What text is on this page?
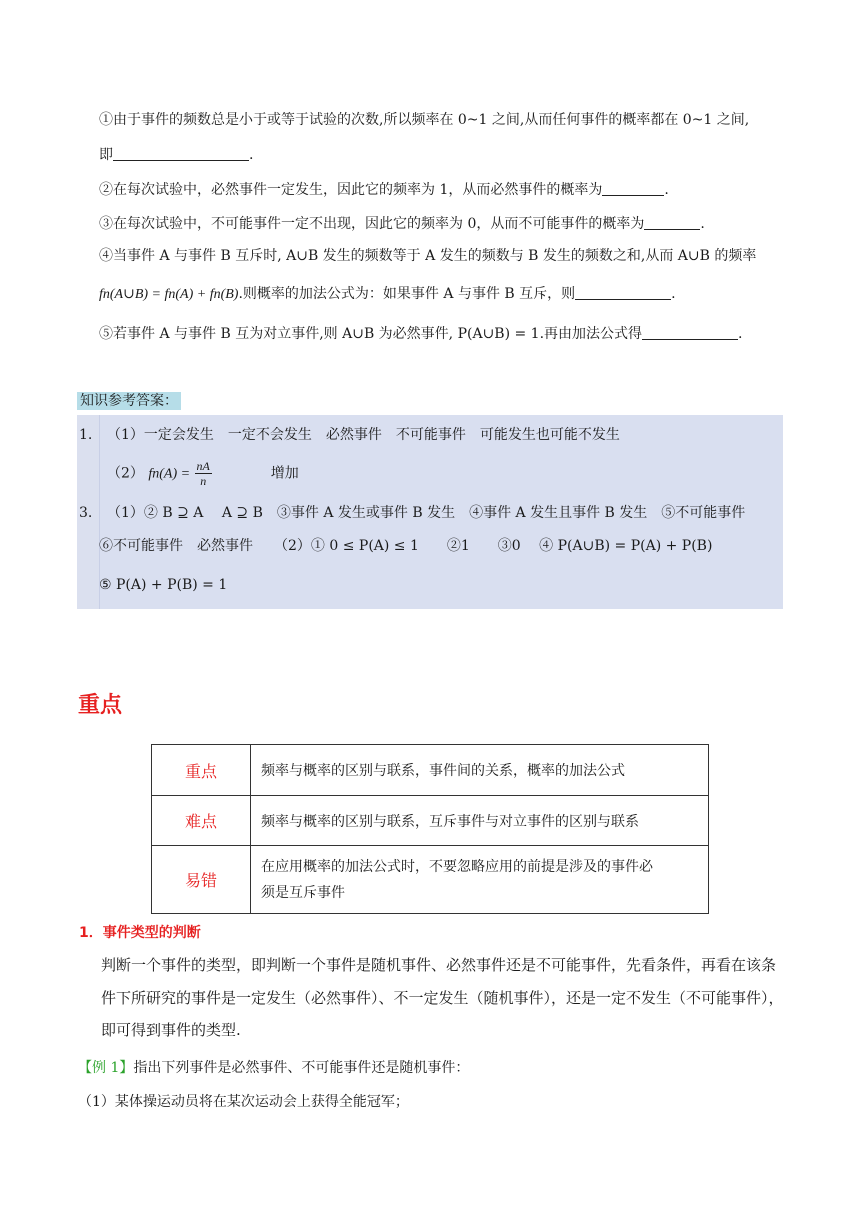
①由于事件的频数总是小于或等于试验的次数,所以频率在 0~1 之间,从而任何事件的概率都在 0~1 之间,
即	.
②在每次试验中，必然事件一定发生，因此它的频率为 1，从而必然事件的概率为	.
③在每次试验中，不可能事件一定不出现，因此它的频率为 0，从而不可能事件的概率为	.
④当事件 A 与事件 B 互斥时, A∪B 发生的频数等于 A 发生的频数与 B 发生的频数之和,从而 A∪B 的频率
fn(A∪B) = fn(A) + fn(B).则概率的加法公式为：如果事件 A 与事件 B 互斥，则	.
⑤若事件 A 与事件 B 互为对立事件,则 A∪B 为必然事件, P(A∪B) = 1.再由加法公式得	.
知识参考答案：
1. （1）一定会发生　一定不会发生　必然事件　不可能事件　可能发生也可能不发生
（2） $fn(A) = \frac{nA}{n}$	增加
3. （1）② B ⊇ A　 A ⊇ B　③事件 A 发生或事件 B 发生　④事件 A 发生且事件 B 发生　⑤不可能事件
⑥不可能事件　必然事件　　（2）① 0 ≤ P(A) ≤ 1　　②1　　③0　 ④ P(A∪B) = P(A) + P(B)
⑤ P(A) + P(B) = 1
重点
重点	频率与概率的区别与联系，事件间的关系，概率的加法公式
难点	频率与概率的区别与联系，互斥事件与对立事件的区别与联系
易错	在应用概率的加法公式时，不要忽略应用的前提是涉及的事件必
须是互斥事件
1．事件类型的判断
判断一个事件的类型，即判断一个事件是随机事件、必然事件还是不可能事件，先看条件，再看在该条
件下所研究的事件是一定发生（必然事件）、不一定发生（随机事件），还是一定不发生（不可能事件），
即可得到事件的类型.
【例 1】指出下列事件是必然事件、不可能事件还是随机事件：
（1）某体操运动员将在某次运动会上获得全能冠军；
